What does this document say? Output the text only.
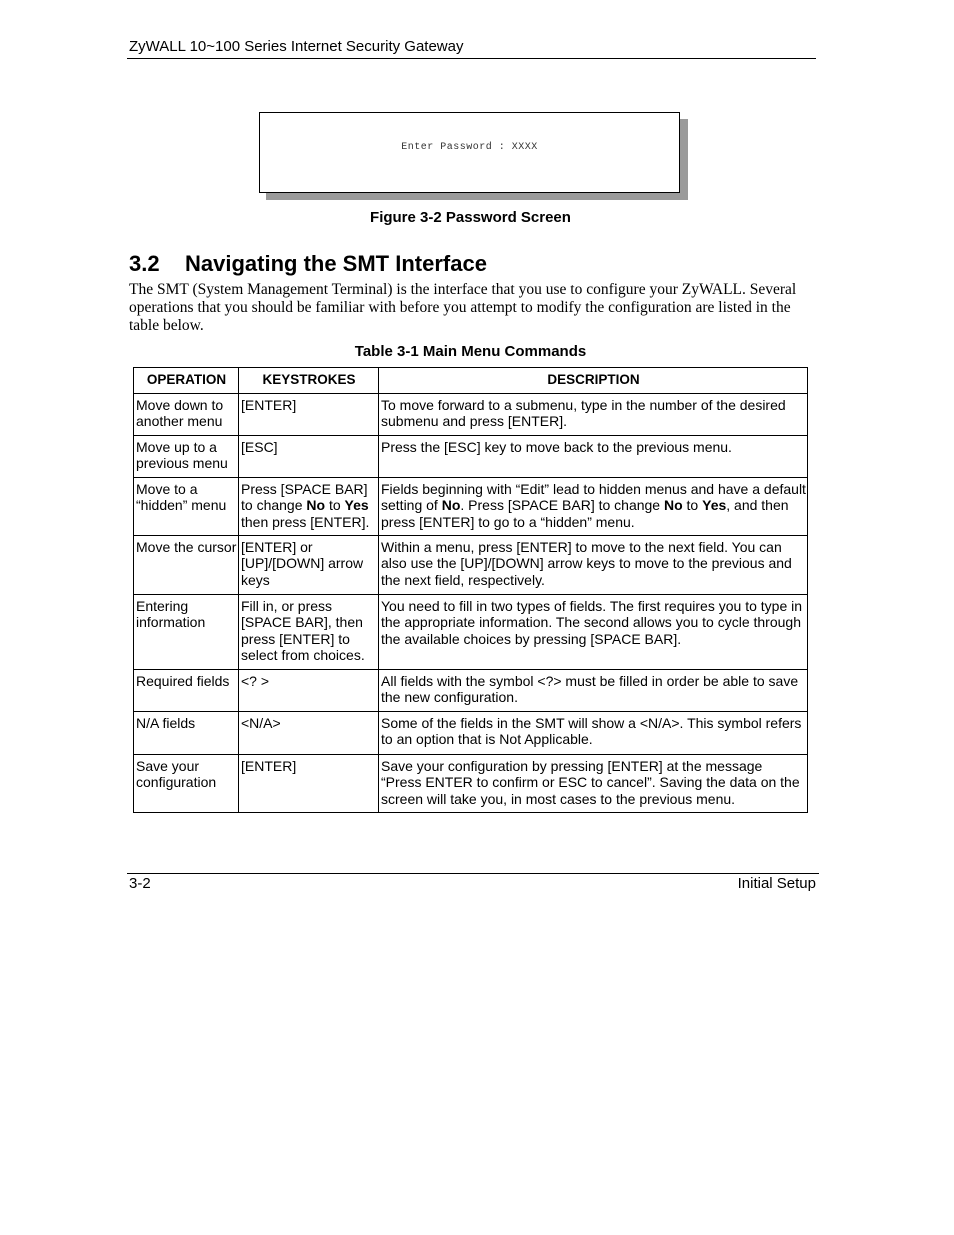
ZyWALL 10~100 Series Internet Security Gateway
Enter Password : XXXX
Figure 3-2 Password Screen
3.2 Navigating the SMT Interface
The SMT (System Management Terminal) is the interface that you use to configure your ZyWALL. Several operations that you should be familiar with before you attempt to modify the configuration are listed in the table below.
Table 3-1 Main Menu Commands
OPERATION	KEYSTROKES	DESCRIPTION
Move down to another menu	[ENTER]	To move forward to a submenu, type in the number of the desired submenu and press [ENTER].
Move up to a previous menu	[ESC]	Press the [ESC] key to move back to the previous menu.
Move to a “hidden” menu	Press [SPACE BAR] to change No to Yes then press [ENTER].	Fields beginning with “Edit” lead to hidden menus and have a default setting of No. Press [SPACE BAR] to change No to Yes, and then press [ENTER] to go to a “hidden” menu.
Move the cursor	[ENTER] or [UP]/[DOWN] arrow keys	Within a menu, press [ENTER] to move to the next field. You can also use the [UP]/[DOWN] arrow keys to move to the previous and the next field, respectively.
Entering information	Fill in, or press [SPACE BAR], then press [ENTER] to select from choices.	You need to fill in two types of fields. The first requires you to type in the appropriate information. The second allows you to cycle through the available choices by pressing [SPACE BAR].
Required fields	<? >	All fields with the symbol <?> must be filled in order be able to save the new configuration.
N/A fields	<N/A>	Some of the fields in the SMT will show a <N/A>. This symbol refers to an option that is Not Applicable.
Save your configuration	[ENTER]	Save your configuration by pressing [ENTER] at the message “Press ENTER to confirm or ESC to cancel”. Saving the data on the screen will take you, in most cases to the previous menu.
3-2	Initial Setup
